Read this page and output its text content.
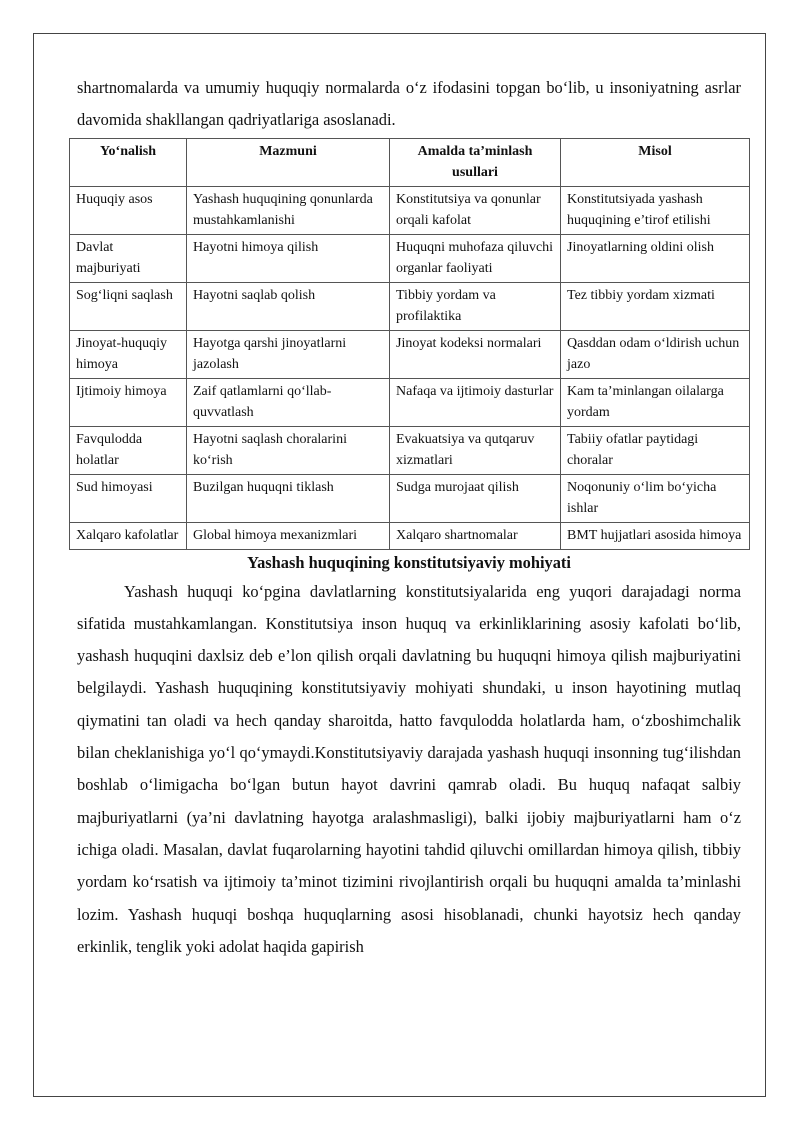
shartnomalarda va umumiy huquqiy normalarda o‘z ifodasini topgan bo‘lib, u insoniyatning asrlar davomida shakllangan qadriyatlariga asoslanadi.

Yo‘nalish	Mazmuni	Amalda ta’minlash usullari	Misol
Huquqiy asos	Yashash huquqining qonunlarda mustahkamlanishi	Konstitutsiya va qonunlar orqali kafolat	Konstitutsiyada yashash huquqining e’tirof etilishi
Davlat majburiyati	Hayotni himoya qilish	Huquqni muhofaza qiluvchi organlar faoliyati	Jinoyatlarning oldini olish
Sog‘liqni saqlash	Hayotni saqlab qolish	Tibbiy yordam va profilaktika	Tez tibbiy yordam xizmati
Jinoyat-huquqiy himoya	Hayotga qarshi jinoyatlarni jazolash	Jinoyat kodeksi normalari	Qasddan odam o‘ldirish uchun jazo
Ijtimoiy himoya	Zaif qatlamlarni qo‘llab-quvvatlash	Nafaqa va ijtimoiy dasturlar	Kam ta’minlangan oilalarga yordam
Favqulodda holatlar	Hayotni saqlash choralarini ko‘rish	Evakuatsiya va qutqaruv xizmatlari	Tabiiy ofatlar paytidagi choralar
Sud himoyasi	Buzilgan huquqni tiklash	Sudga murojaat qilish	Noqonuniy o‘lim bo‘yicha ishlar
Xalqaro kafolatlar	Global himoya mexanizmlari	Xalqaro shartnomalar	BMT hujjatlari asosida himoya
Yashash huquqining konstitutsiyaviy mohiyati

Yashash huquqi ko‘pgina davlatlarning konstitutsiyalarida eng yuqori darajadagi norma sifatida mustahkamlangan. Konstitutsiya inson huquq va erkinliklarining asosiy kafolati bo‘lib, yashash huquqini daxlsiz deb e’lon qilish orqali davlatning bu huquqni himoya qilish majburiyatini belgilaydi. Yashash huquqining konstitutsiyaviy mohiyati shundaki, u inson hayotining mutlaq qiymatini tan oladi va hech qanday sharoitda, hatto favqulodda holatlarda ham, o‘zboshimchalik bilan cheklanishiga yo‘l qo‘ymaydi.Konstitutsiyaviy darajada yashash huquqi insonning tug‘ilishdan boshlab o‘limigacha bo‘lgan butun hayot davrini qamrab oladi. Bu huquq nafaqat salbiy majburiyatlarni (ya’ni davlatning hayotga aralashmasligi), balki ijobiy majburiyatlarni ham o‘z ichiga oladi. Masalan, davlat fuqarolarning hayotini tahdid qiluvchi omillardan himoya qilish, tibbiy yordam ko‘rsatish va ijtimoiy ta’minot tizimini rivojlantirish orqali bu huquqni amalda ta’minlashi lozim. Yashash huquqi boshqa huquqlarning asosi hisoblanadi, chunki hayotsiz hech qanday erkinlik, tenglik yoki adolat haqida gapirish
